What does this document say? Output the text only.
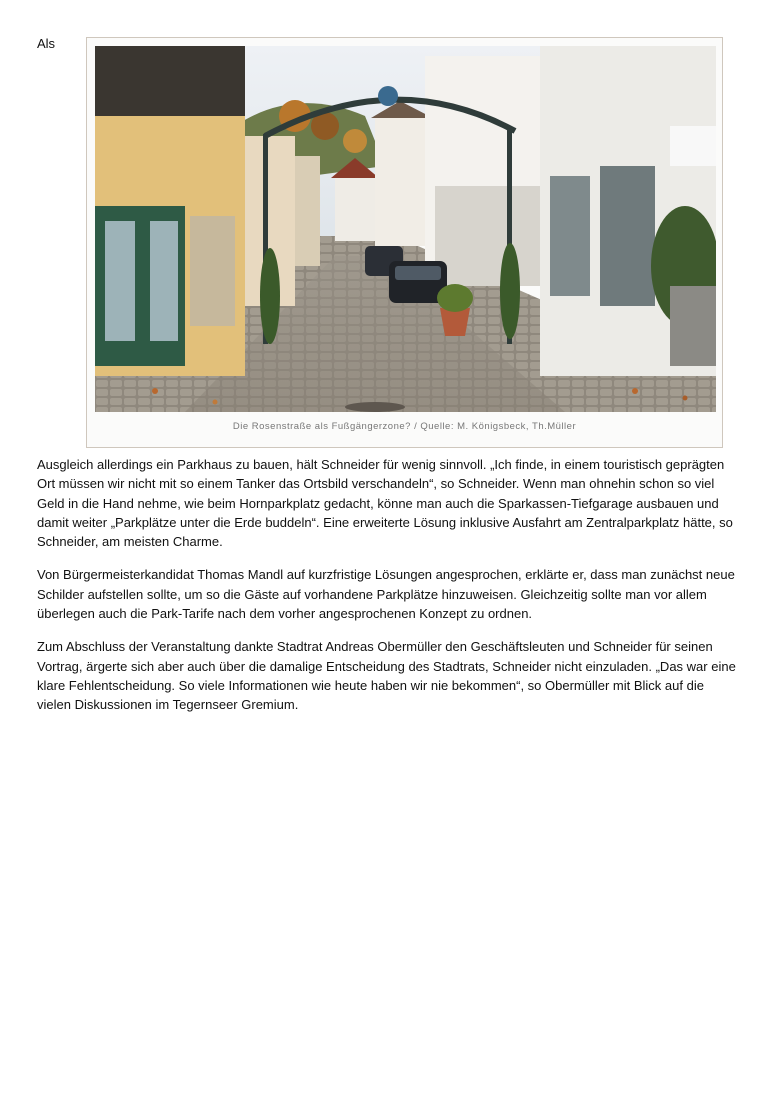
Als
Die Rosenstraße als Fußgängerzone? / Quelle: M. Königsbeck, Th.Müller

Ausgleich allerdings ein Parkhaus zu bauen, hält Schneider für wenig sinnvoll. „Ich finde, in einem touristisch geprägten Ort müssen wir nicht mit so einem Tanker das Ortsbild verschandeln“, so Schneider. Wenn man ohnehin schon so viel Geld in die Hand nehme, wie beim Hornparkplatz gedacht, könne man auch die Sparkassen-Tiefgarage ausbauen und damit weiter „Parkplätze unter die Erde buddeln“. Eine erweiterte Lösung inklusive Ausfahrt am Zentralparkplatz hätte, so Schneider, am meisten Charme.

Von Bürgermeisterkandidat Thomas Mandl auf kurzfristige Lösungen angesprochen, erklärte er, dass man zunächst neue Schilder aufstellen sollte, um so die Gäste auf vorhandene Parkplätze hinzuweisen. Gleichzeitig sollte man vor allem überlegen auch die Park-Tarife nach dem vorher angesprochenen Konzept zu ordnen.

Zum Abschluss der Veranstaltung dankte Stadtrat Andreas Obermüller den Geschäftsleuten und Schneider für seinen Vortrag, ärgerte sich aber auch über die damalige Entscheidung des Stadtrats, Schneider nicht einzuladen. „Das war eine klare Fehlentscheidung. So viele Informationen wie heute haben wir nie bekommen“, so Obermüller mit Blick auf die vielen Diskussionen im Tegernseer Gremium.
